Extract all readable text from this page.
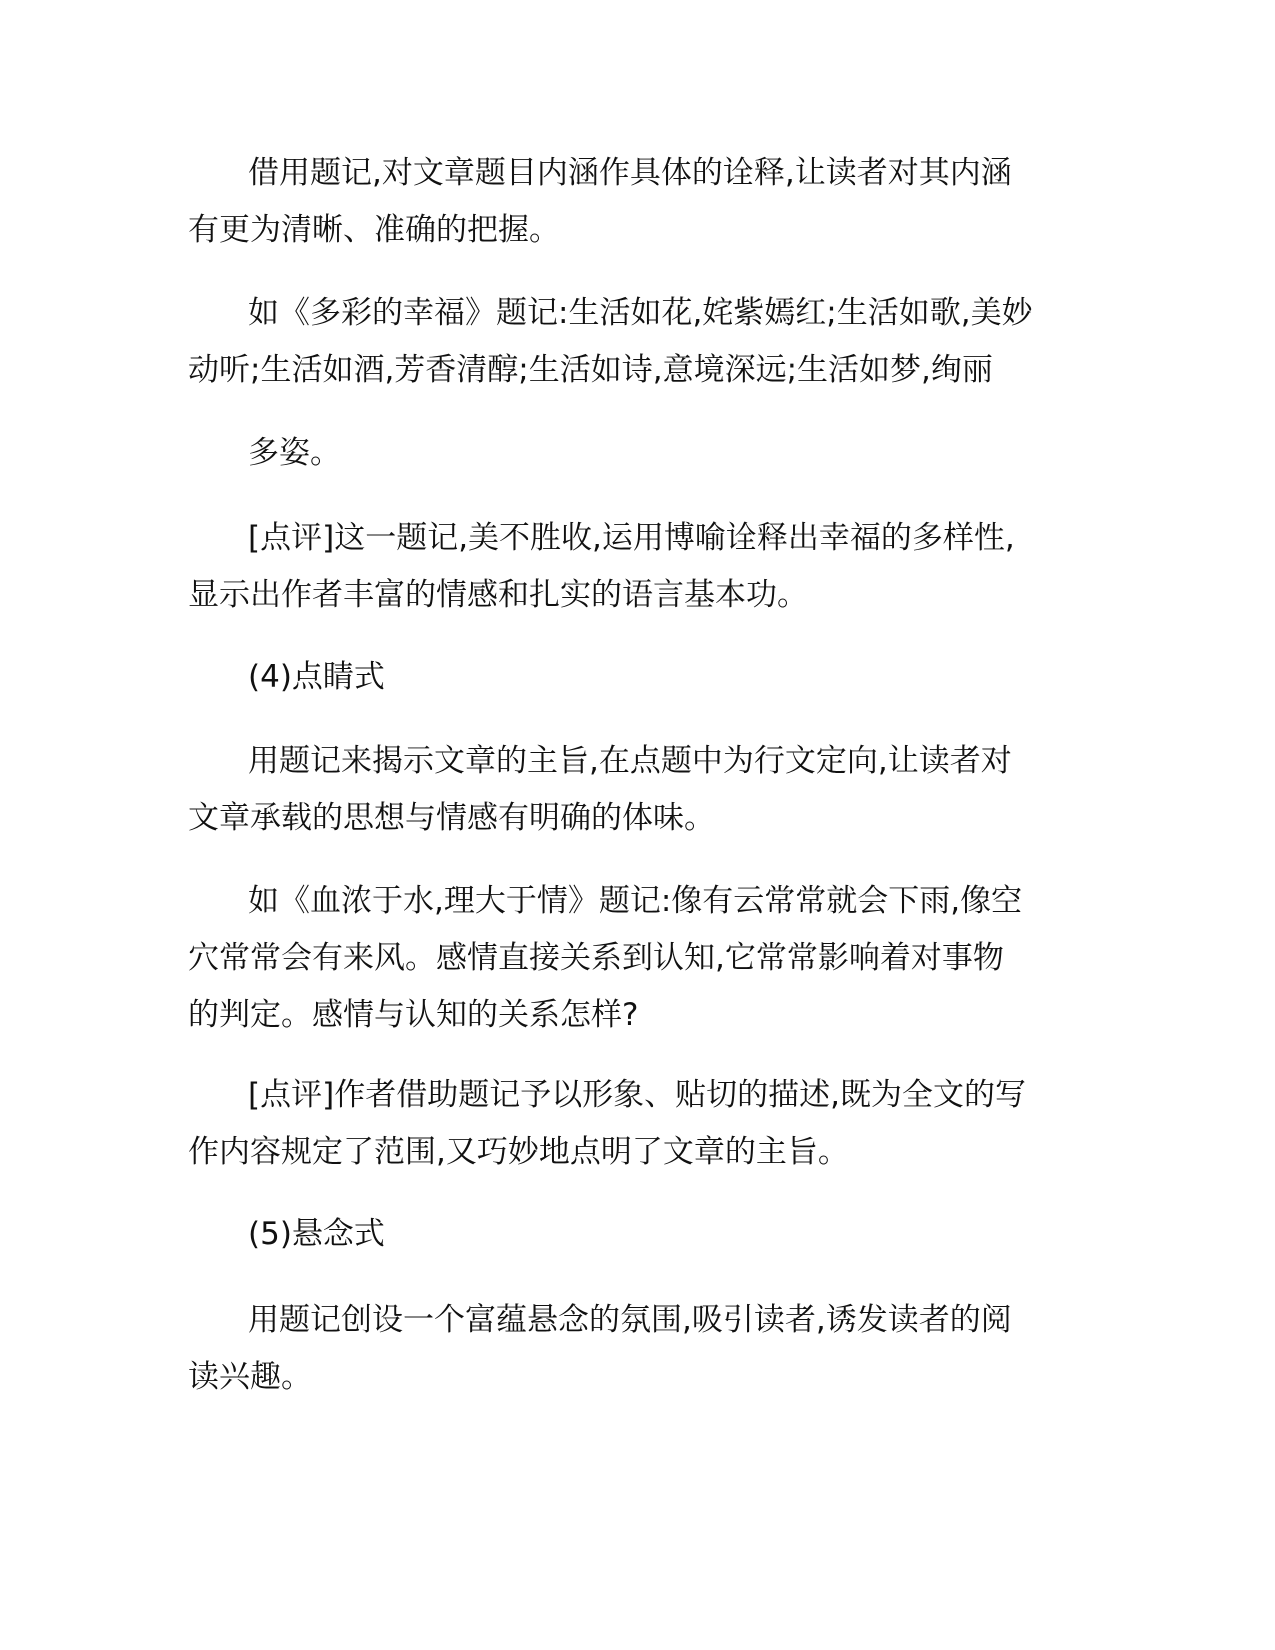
借用题记,对文章题目内涵作具体的诠释,让读者对其内涵
有更为清晰、准确的把握。

如《多彩的幸福》题记:生活如花,姹紫嫣红;生活如歌,美妙
动听;生活如酒,芳香清醇;生活如诗,意境深远;生活如梦,绚丽

多姿。

[点评]这一题记,美不胜收,运用博喻诠释出幸福的多样性,
显示出作者丰富的情感和扎实的语言基本功。

(4)点睛式

用题记来揭示文章的主旨,在点题中为行文定向,让读者对
文章承载的思想与情感有明确的体味。

如《血浓于水,理大于情》题记:像有云常常就会下雨,像空
穴常常会有来风。感情直接关系到认知,它常常影响着对事物
的判定。感情与认知的关系怎样?

[点评]作者借助题记予以形象、贴切的描述,既为全文的写
作内容规定了范围,又巧妙地点明了文章的主旨。

(5)悬念式

用题记创设一个富蕴悬念的氛围,吸引读者,诱发读者的阅
读兴趣。
